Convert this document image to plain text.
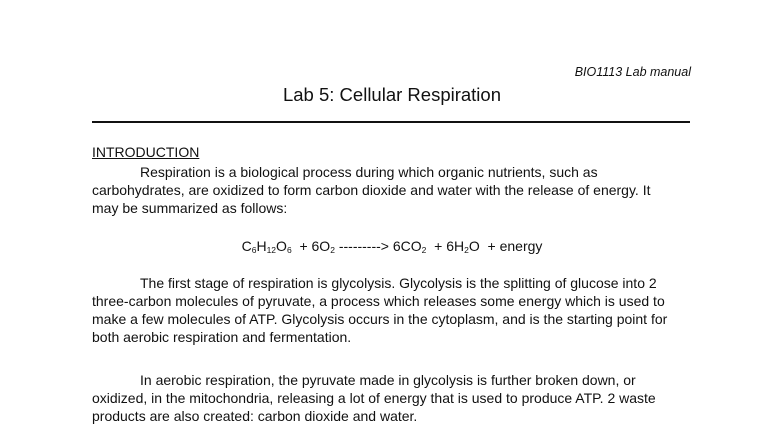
BIO1113 Lab manual
Lab 5: Cellular Respiration
INTRODUCTION

Respiration is a biological process during which organic nutrients, such as
carbohydrates, are oxidized to form carbon dioxide and water with the release of energy. It
may be summarized as follows:

$C_6H_{12}O_6 + 6O_2$ ---------> $6CO_2 + 6H_2O$  + energy

The first stage of respiration is glycolysis. Glycolysis is the splitting of glucose into 2
three-carbon molecules of pyruvate, a process which releases some energy which is used to
make a few molecules of ATP. Glycolysis occurs in the cytoplasm, and is the starting point for
both aerobic respiration and fermentation.

In aerobic respiration, the pyruvate made in glycolysis is further broken down, or
oxidized, in the mitochondria, releasing a lot of energy that is used to produce ATP. 2 waste
products are also created: carbon dioxide and water.
